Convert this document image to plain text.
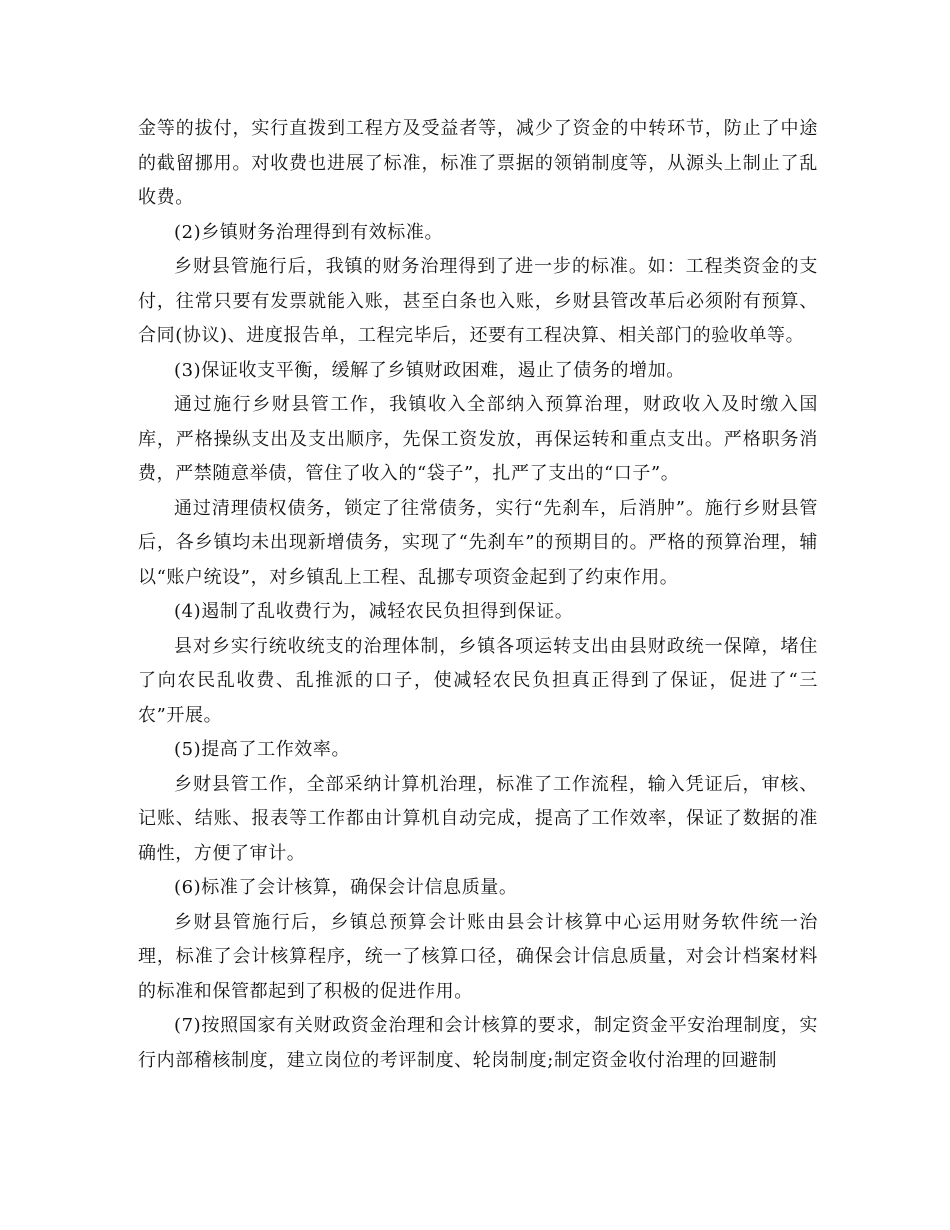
金等的拔付，实行直拨到工程方及受益者等，减少了资金的中转环节，防止了中途的截留挪用。对收费也进展了标准，标准了票据的领销制度等，从源头上制止了乱收费。

(2)乡镇财务治理得到有效标准。

乡财县管施行后，我镇的财务治理得到了进一步的标准。如：工程类资金的支付，往常只要有发票就能入账，甚至白条也入账，乡财县管改革后必须附有预算、合同(协议)、进度报告单，工程完毕后，还要有工程决算、相关部门的验收单等。

(3)保证收支平衡，缓解了乡镇财政困难，遏止了债务的增加。

通过施行乡财县管工作，我镇收入全部纳入预算治理，财政收入及时缴入国库，严格操纵支出及支出顺序，先保工资发放，再保运转和重点支出。严格职务消费，严禁随意举债，管住了收入的“袋子”，扎严了支出的“口子”。

通过清理债权债务，锁定了往常债务，实行“先刹车，后消肿”。施行乡财县管后，各乡镇均未出现新增债务，实现了“先刹车”的预期目的。严格的预算治理，辅以“账户统设”，对乡镇乱上工程、乱挪专项资金起到了约束作用。

(4)遏制了乱收费行为，减轻农民负担得到保证。

县对乡实行统收统支的治理体制，乡镇各项运转支出由县财政统一保障，堵住了向农民乱收费、乱推派的口子，使减轻农民负担真正得到了保证，促进了“三农”开展。

(5)提高了工作效率。

乡财县管工作，全部采纳计算机治理，标准了工作流程，输入凭证后，审核、记账、结账、报表等工作都由计算机自动完成，提高了工作效率，保证了数据的准确性，方便了审计。

(6)标准了会计核算，确保会计信息质量。

乡财县管施行后，乡镇总预算会计账由县会计核算中心运用财务软件统一治理，标准了会计核算程序，统一了核算口径，确保会计信息质量，对会计档案材料的标准和保管都起到了积极的促进作用。

(7)按照国家有关财政资金治理和会计核算的要求，制定资金平安治理制度，实行内部稽核制度，建立岗位的考评制度、轮岗制度;制定资金收付治理的回避制
